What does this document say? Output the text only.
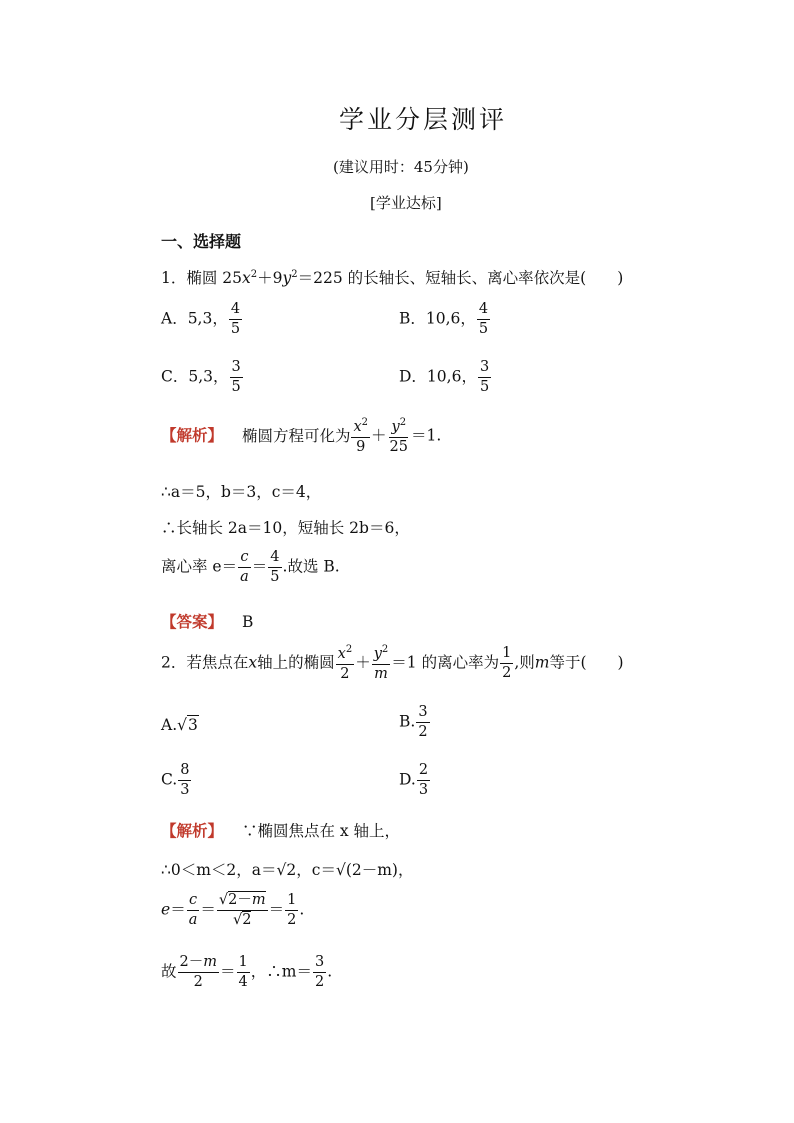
学业分层测评
(建议用时：45分钟)
[学业达标]
一、选择题
1．椭圆 $25x^2+9y^2=225$ 的长轴长、短轴长、离心率依次是(　　)
A．5,3， $\frac{4}{5}$	B．10,6， $\frac{4}{5}$
C．5,3， $\frac{3}{5}$	D．10,6， $\frac{3}{5}$
【解析】 椭圆方程可化为 $\frac{x^2}{9} + \frac{y^2}{25} =1$.
∴a＝5，b＝3，c＝4，
∴长轴长 2a＝10，短轴长 2b＝6，
离心率 $e= \frac{c}{a} = \frac{4}{5}$ .故选 B.
【答案】 B
2．若焦点在x轴上的椭圆 $\frac{x^2}{2} + \frac{y^2}{m} =1$ 的离心率为 $\frac{1}{2}$ ,则m等于(　　)
A.√3	B. $\frac{3}{2}$
C. $\frac{8}{3}$	D. $\frac{2}{3}$
【解析】 ∵椭圆焦点在 x 轴上，
∴0＜m＜2，a＝√2，c＝√(2－m)，
$e= \frac{c}{a} = \frac{√2-m}{√2} = \frac{1}{2}$ .
故 $\frac{2-m}{2} = \frac{1}{4}$ ，∴m＝ $\frac{3}{2}$ .
